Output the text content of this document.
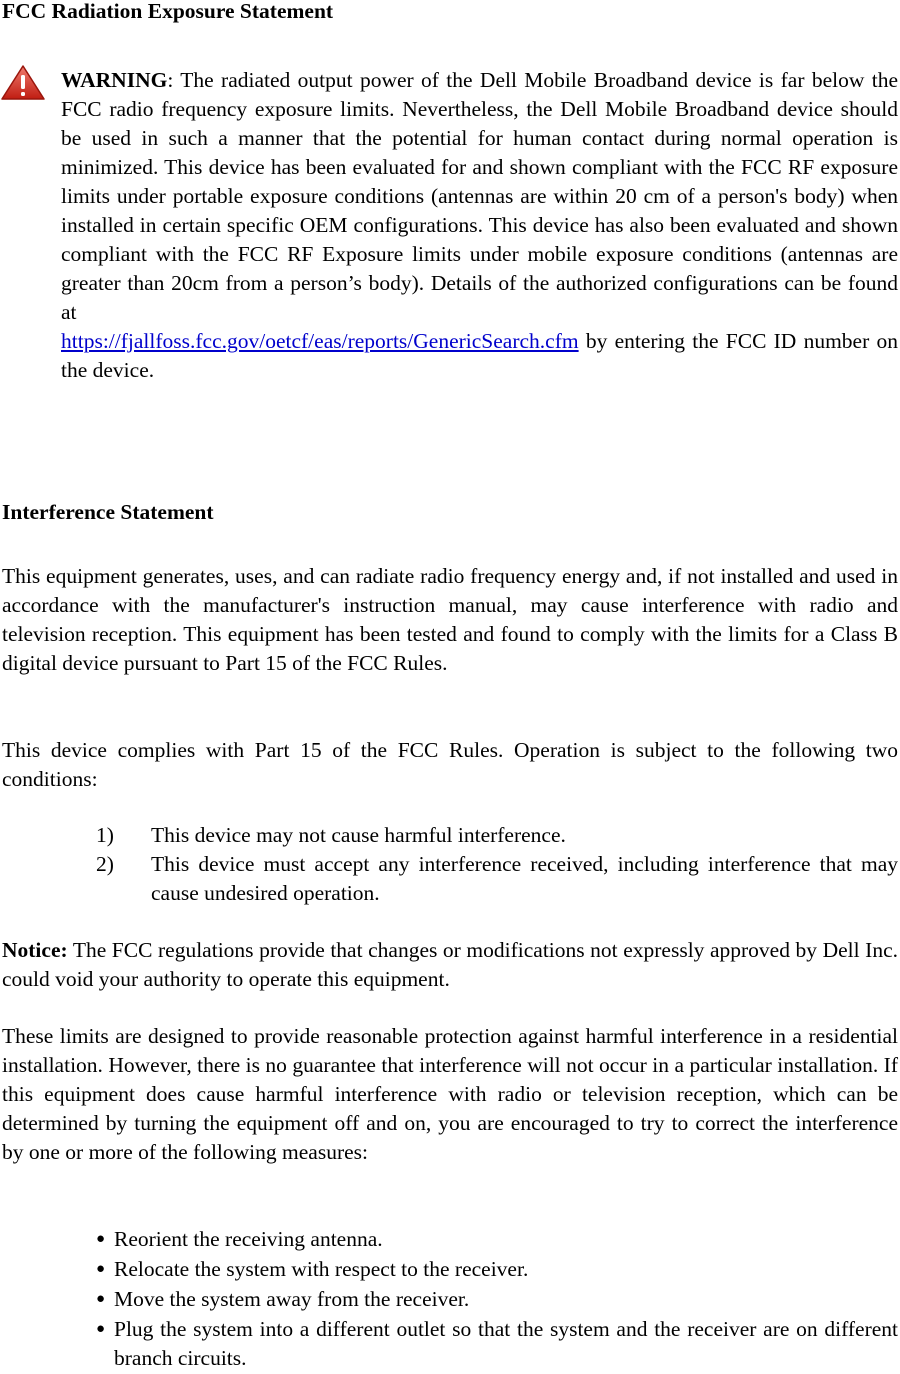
FCC Radiation Exposure Statement

WARNING: The radiated output power of the Dell Mobile Broadband device is far below the FCC radio frequency exposure limits. Nevertheless, the Dell Mobile Broadband device should be used in such a manner that the potential for human contact during normal operation is minimized. This device has been evaluated for and shown compliant with the FCC RF exposure limits under portable exposure conditions (antennas are within 20 cm of a person's body) when installed in certain specific OEM configurations. This device has also been evaluated and shown compliant with the FCC RF Exposure limits under mobile exposure conditions (antennas are greater than 20cm from a person’s body). Details of the authorized configurations can be found at
https://fjallfoss.fcc.gov/oetcf/eas/reports/GenericSearch.cfm by entering the FCC ID number on the device.

Interference Statement

This equipment generates, uses, and can radiate radio frequency energy and, if not installed and used in accordance with the manufacturer's instruction manual, may cause interference with radio and television reception. This equipment has been tested and found to comply with the limits for a Class B digital device pursuant to Part 15 of the FCC Rules.

This device complies with Part 15 of the FCC Rules. Operation is subject to the following two conditions:

1) This device may not cause harmful interference.
2) This device must accept any interference received, including interference that may cause undesired operation.

Notice: The FCC regulations provide that changes or modifications not expressly approved by Dell Inc. could void your authority to operate this equipment.

These limits are designed to provide reasonable protection against harmful interference in a residential installation. However, there is no guarantee that interference will not occur in a particular installation. If this equipment does cause harmful interference with radio or television reception, which can be determined by turning the equipment off and on, you are encouraged to try to correct the interference by one or more of the following measures:

● Reorient the receiving antenna.
● Relocate the system with respect to the receiver.
● Move the system away from the receiver.
● Plug the system into a different outlet so that the system and the receiver are on different branch circuits.
